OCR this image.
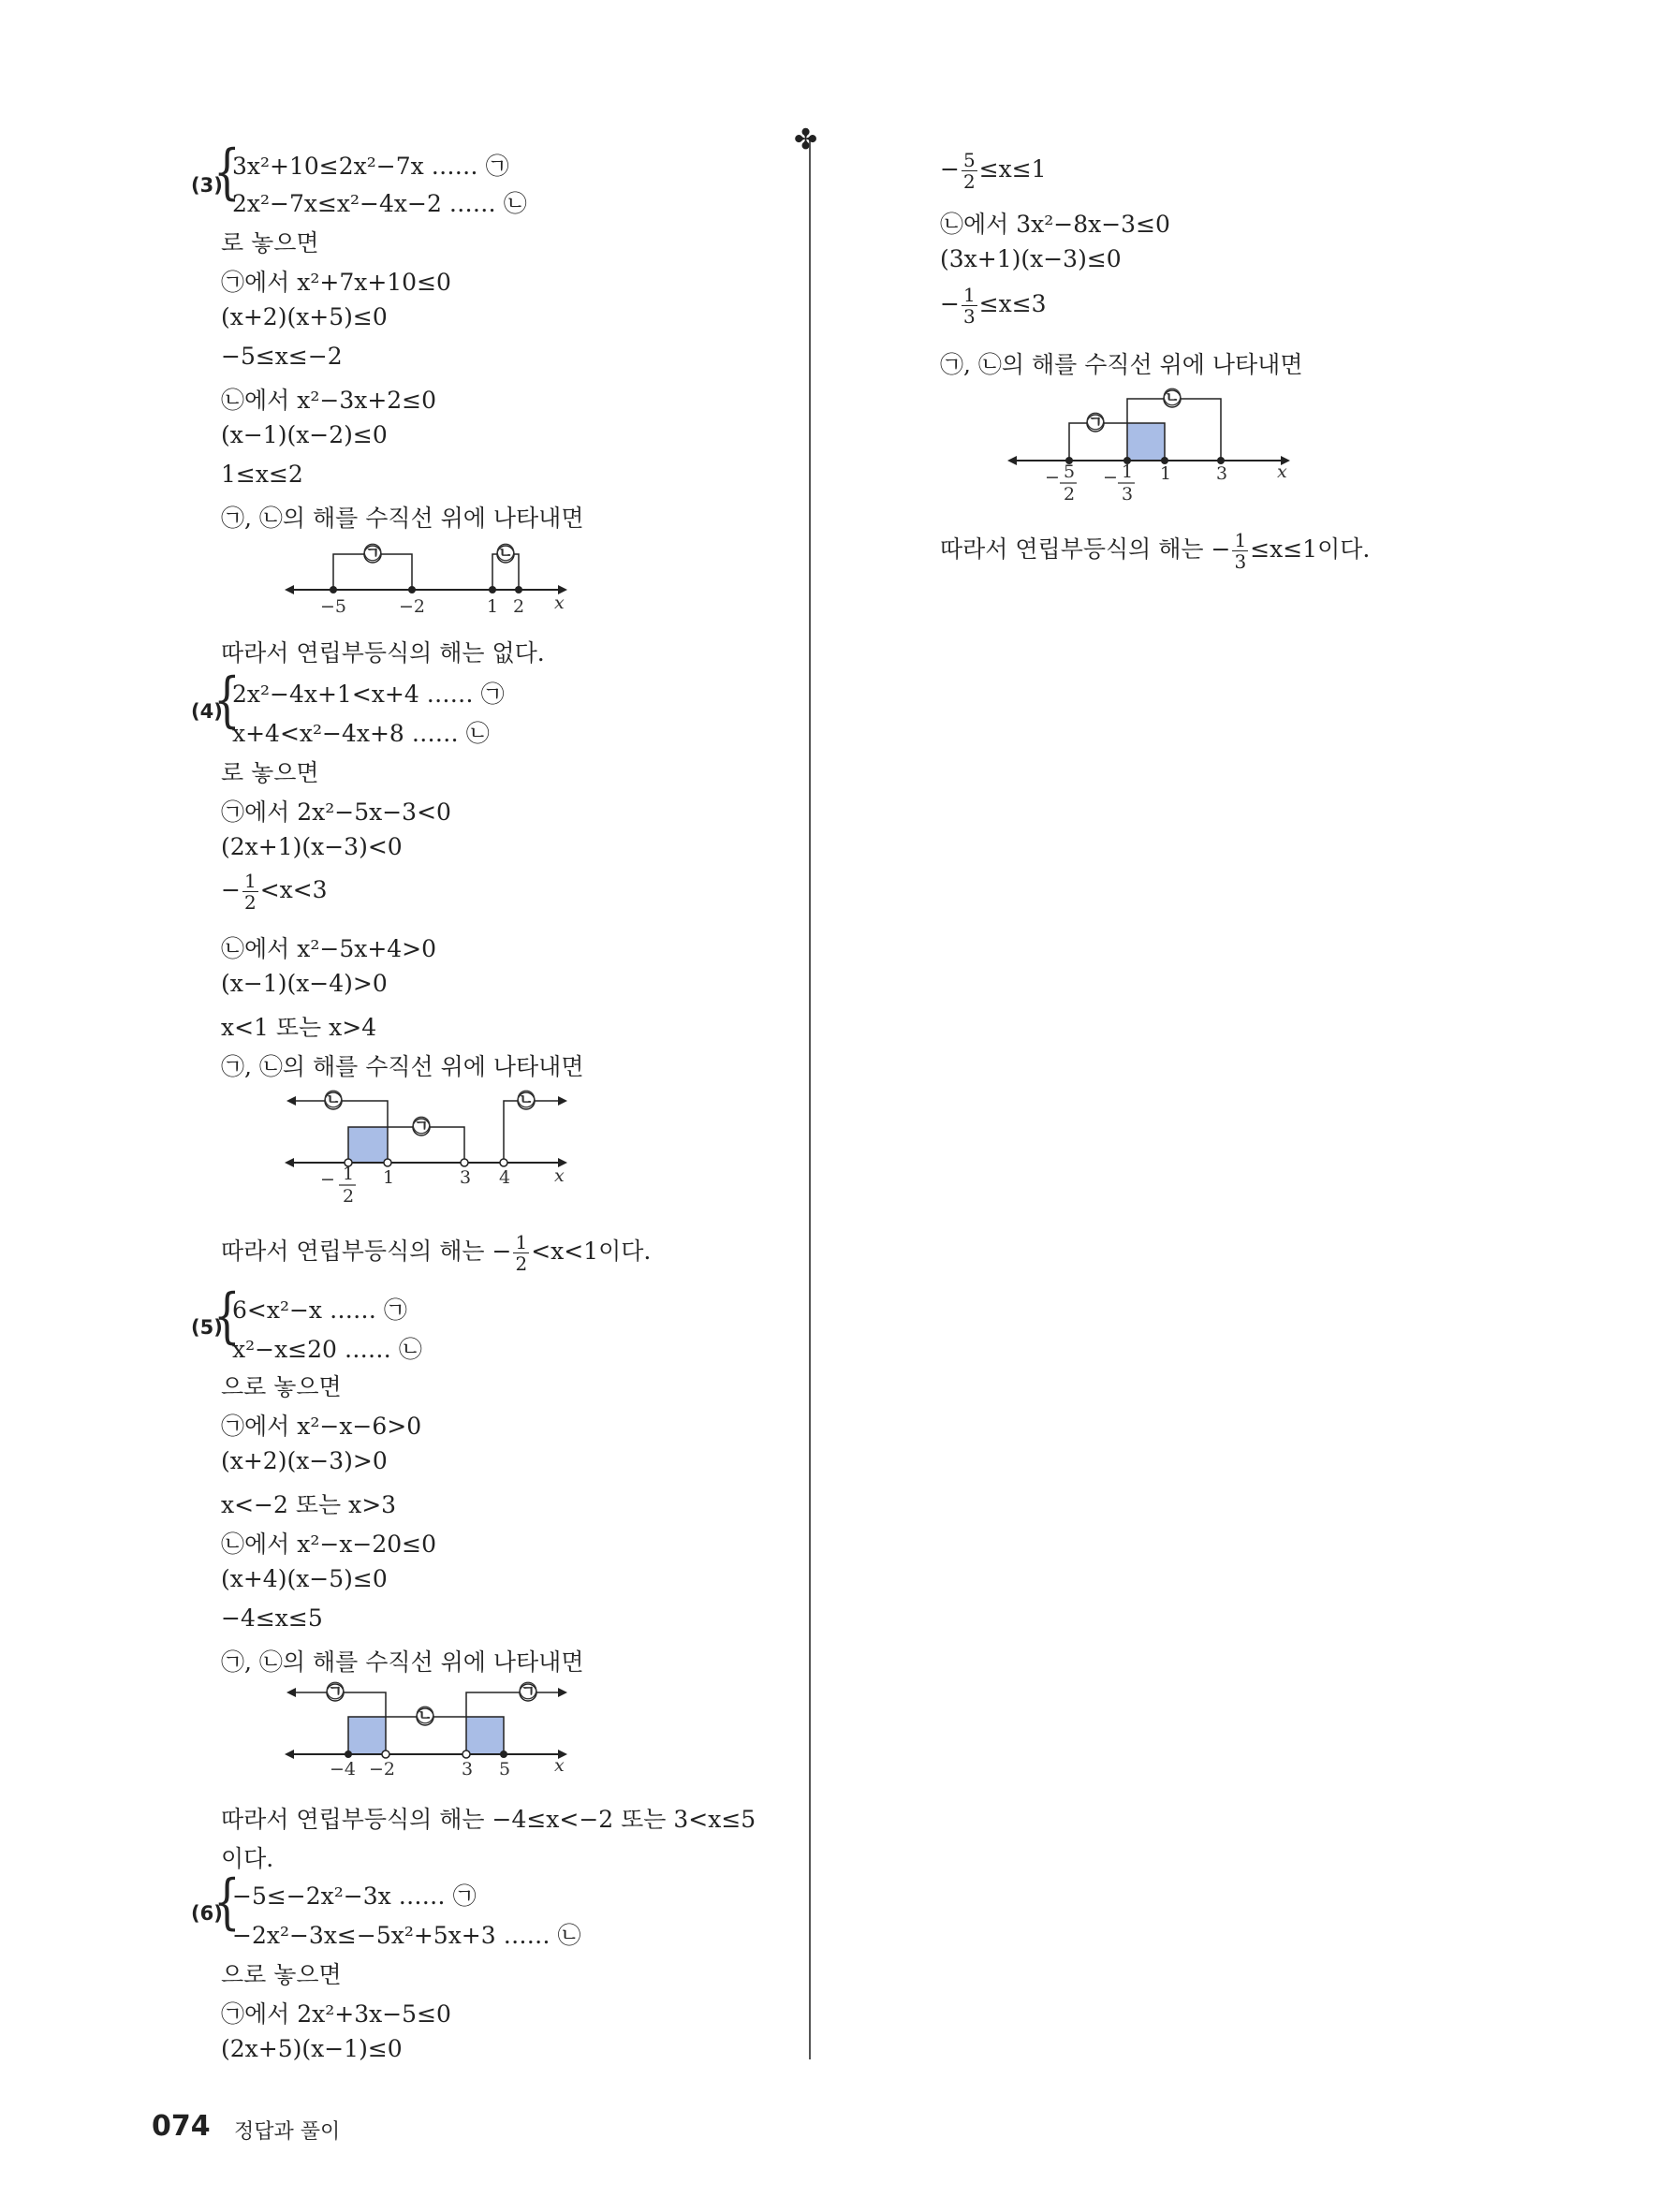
(3)
{
3x²+10≤2x²−7x …… ㉠
2x²−7x≤x²−4x−2 …… ㉡
로 놓으면
㉠에서 x²+7x+10≤0
(x+2)(x+5)≤0
−5≤x≤−2
㉡에서 x²−3x+2≤0
(x−1)(x−2)≤0
1≤x≤2
㉠, ㉡의 해를 수직선 위에 나타내면
㉠	㉡
−5	−2	1 2 x
따라서 연립부등식의 해는 없다.
(4)
{
2x²−4x+1<x+4 …… ㉠
x+4<x²−4x+8 …… ㉡
로 놓으면
㉠에서 2x²−5x−3<0
(2x+1)(x−3)<0
− $\frac{1}{2} <x<3$
㉡에서 x²−5x+4>0
(x−1)(x−4)>0
x<1 또는 x>4
㉠, ㉡의 해를 수직선 위에 나타내면
㉡
㉠
㉡
− 1
2
1	3 4 x
따라서 연립부등식의 해는 − $\frac{1}{2} <x<1$이다.
(5)
{
6<x²−x …… ㉠
x²−x≤20 …… ㉡
으로 놓으면
㉠에서 x²−x−6>0
(x+2)(x−3)>0
x<−2 또는 x>3
㉡에서 x²−x−20≤0
(x+4)(x−5)≤0
−4≤x≤5
㉠, ㉡의 해를 수직선 위에 나타내면
㉠
㉡
㉠
−4 −2	3 5 x
따라서 연립부등식의 해는 −4≤x<−2 또는 3<x≤5
이다.
(6)
{
−5≤−2x²−3x …… ㉠
−2x²−3x≤−5x²+5x+3 …… ㉡
으로 놓으면
㉠에서 2x²+3x−5≤0
(2x+5)(x−1)≤0
✤
− $\frac{5}{2} \le x\le 1$
㉡에서 3x²−8x−3≤0
(3x+1)(x−3)≤0
− $\frac{1}{3} \le x\le 3$
㉠, ㉡의 해를 수직선 위에 나타내면
㉠
㉡
− 5
2
− 1
3
1	3	x
따라서 연립부등식의 해는 − $\frac{1}{3} \le x\le 1$이다.
074 정답과 풀이
